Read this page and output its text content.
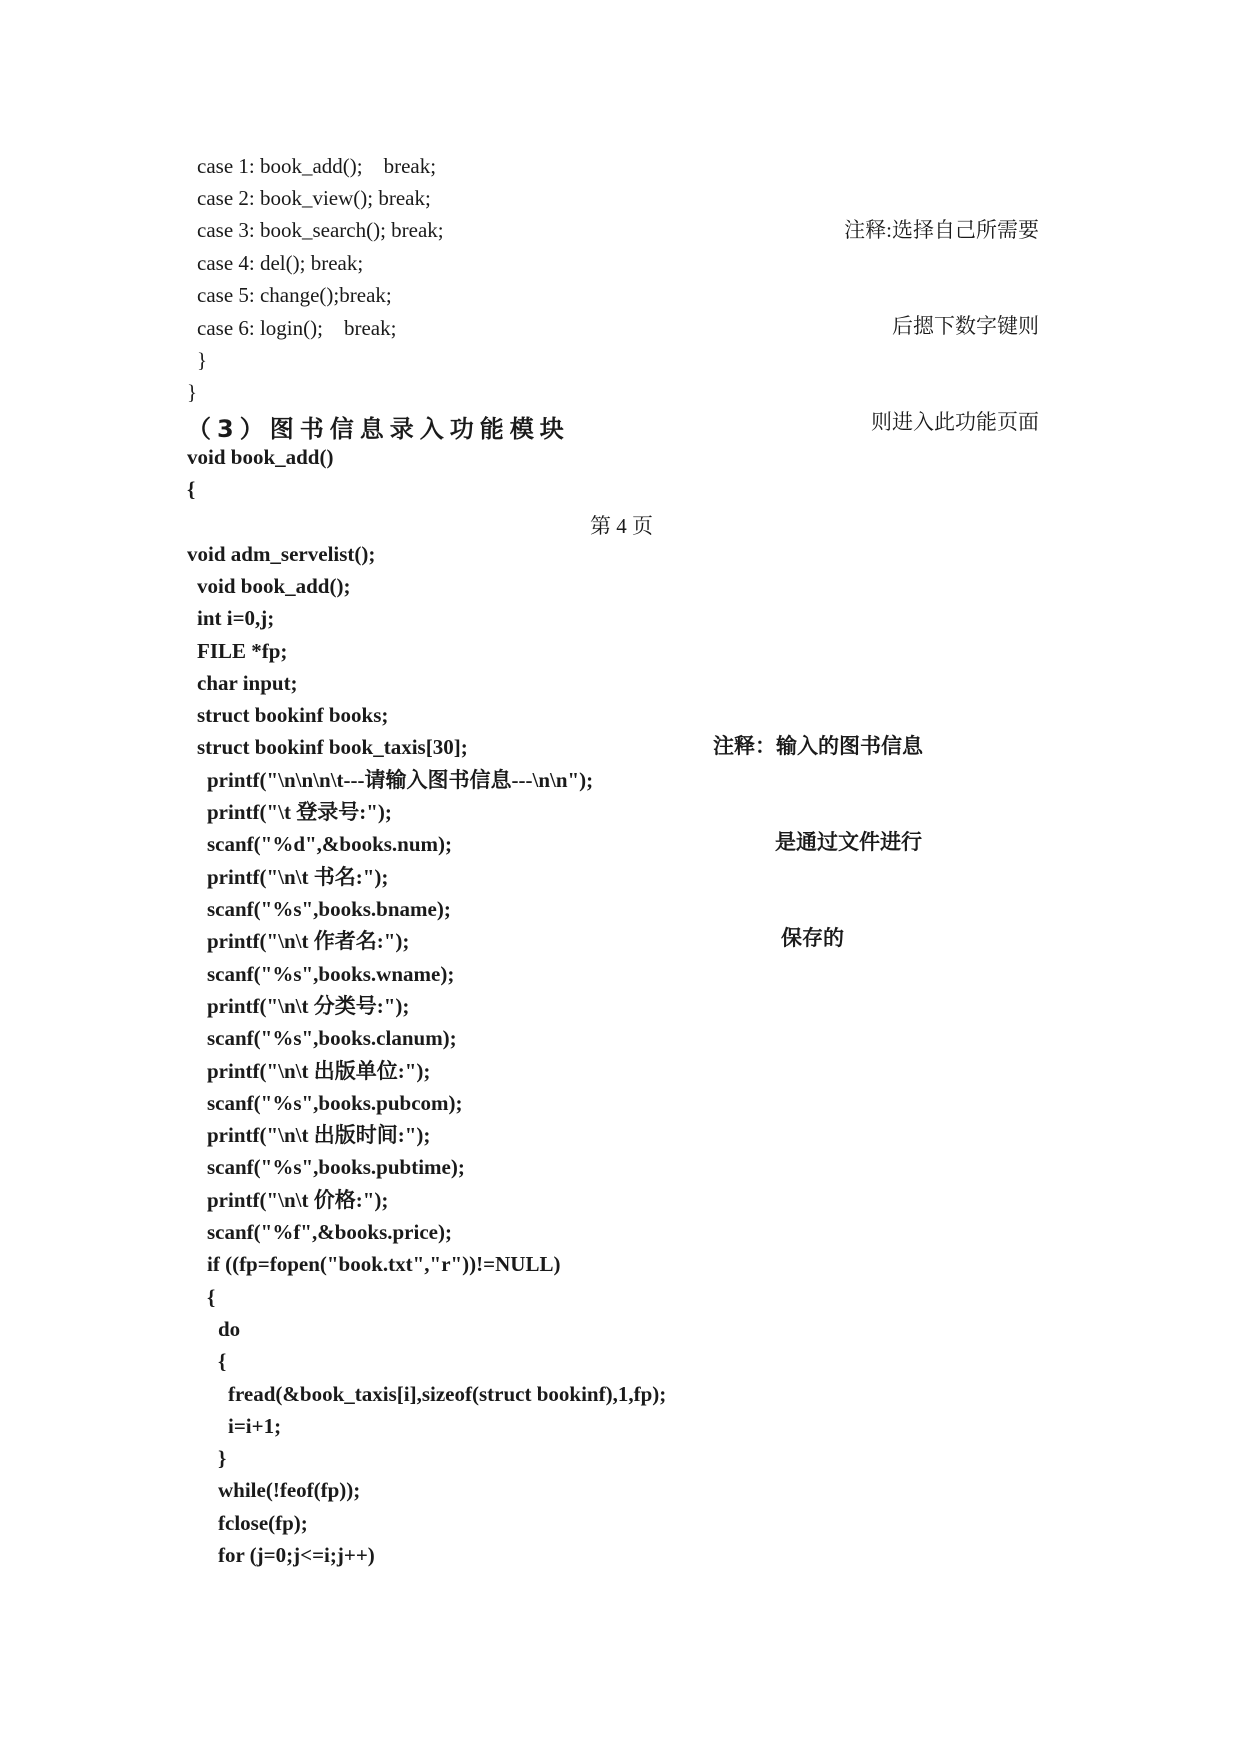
case 1: book_add();    break;
case 2: book_view(); break;
case 3: book_search(); break;
case 4: del(); break;
case 5: change();break;
case 6: login();    break;
}
}

注释:选择自己所需要

后摁下数字键则

则进入此功能页面

（3）图书信息录入功能模块
void book_add()
{
第 4 页
void adm_servelist();
void book_add();
int i=0,j;
FILE *fp;
char input;
struct bookinf books;
struct bookinf book_taxis[30];
printf("\n\n\n\t---请输入图书信息---\n\n");
printf("\t 登录号:");
scanf("%d",&books.num);
printf("\n\t 书名:");
scanf("%s",books.bname);
printf("\n\t 作者名:");
scanf("%s",books.wname);
printf("\n\t 分类号:");
scanf("%s",books.clanum);
printf("\n\t 出版单位:");
scanf("%s",books.pubcom);
printf("\n\t 出版时间:");
scanf("%s",books.pubtime);
printf("\n\t 价格:");
scanf("%f",&books.price);
if ((fp=fopen("book.txt","r"))!=NULL)
{
do
{
fread(&book_taxis[i],sizeof(struct bookinf),1,fp);
i=i+1;
}
while(!feof(fp));
fclose(fp);
for (j=0;j<=i;j++)

注释：输入的图书信息

是通过文件进行

保存的
